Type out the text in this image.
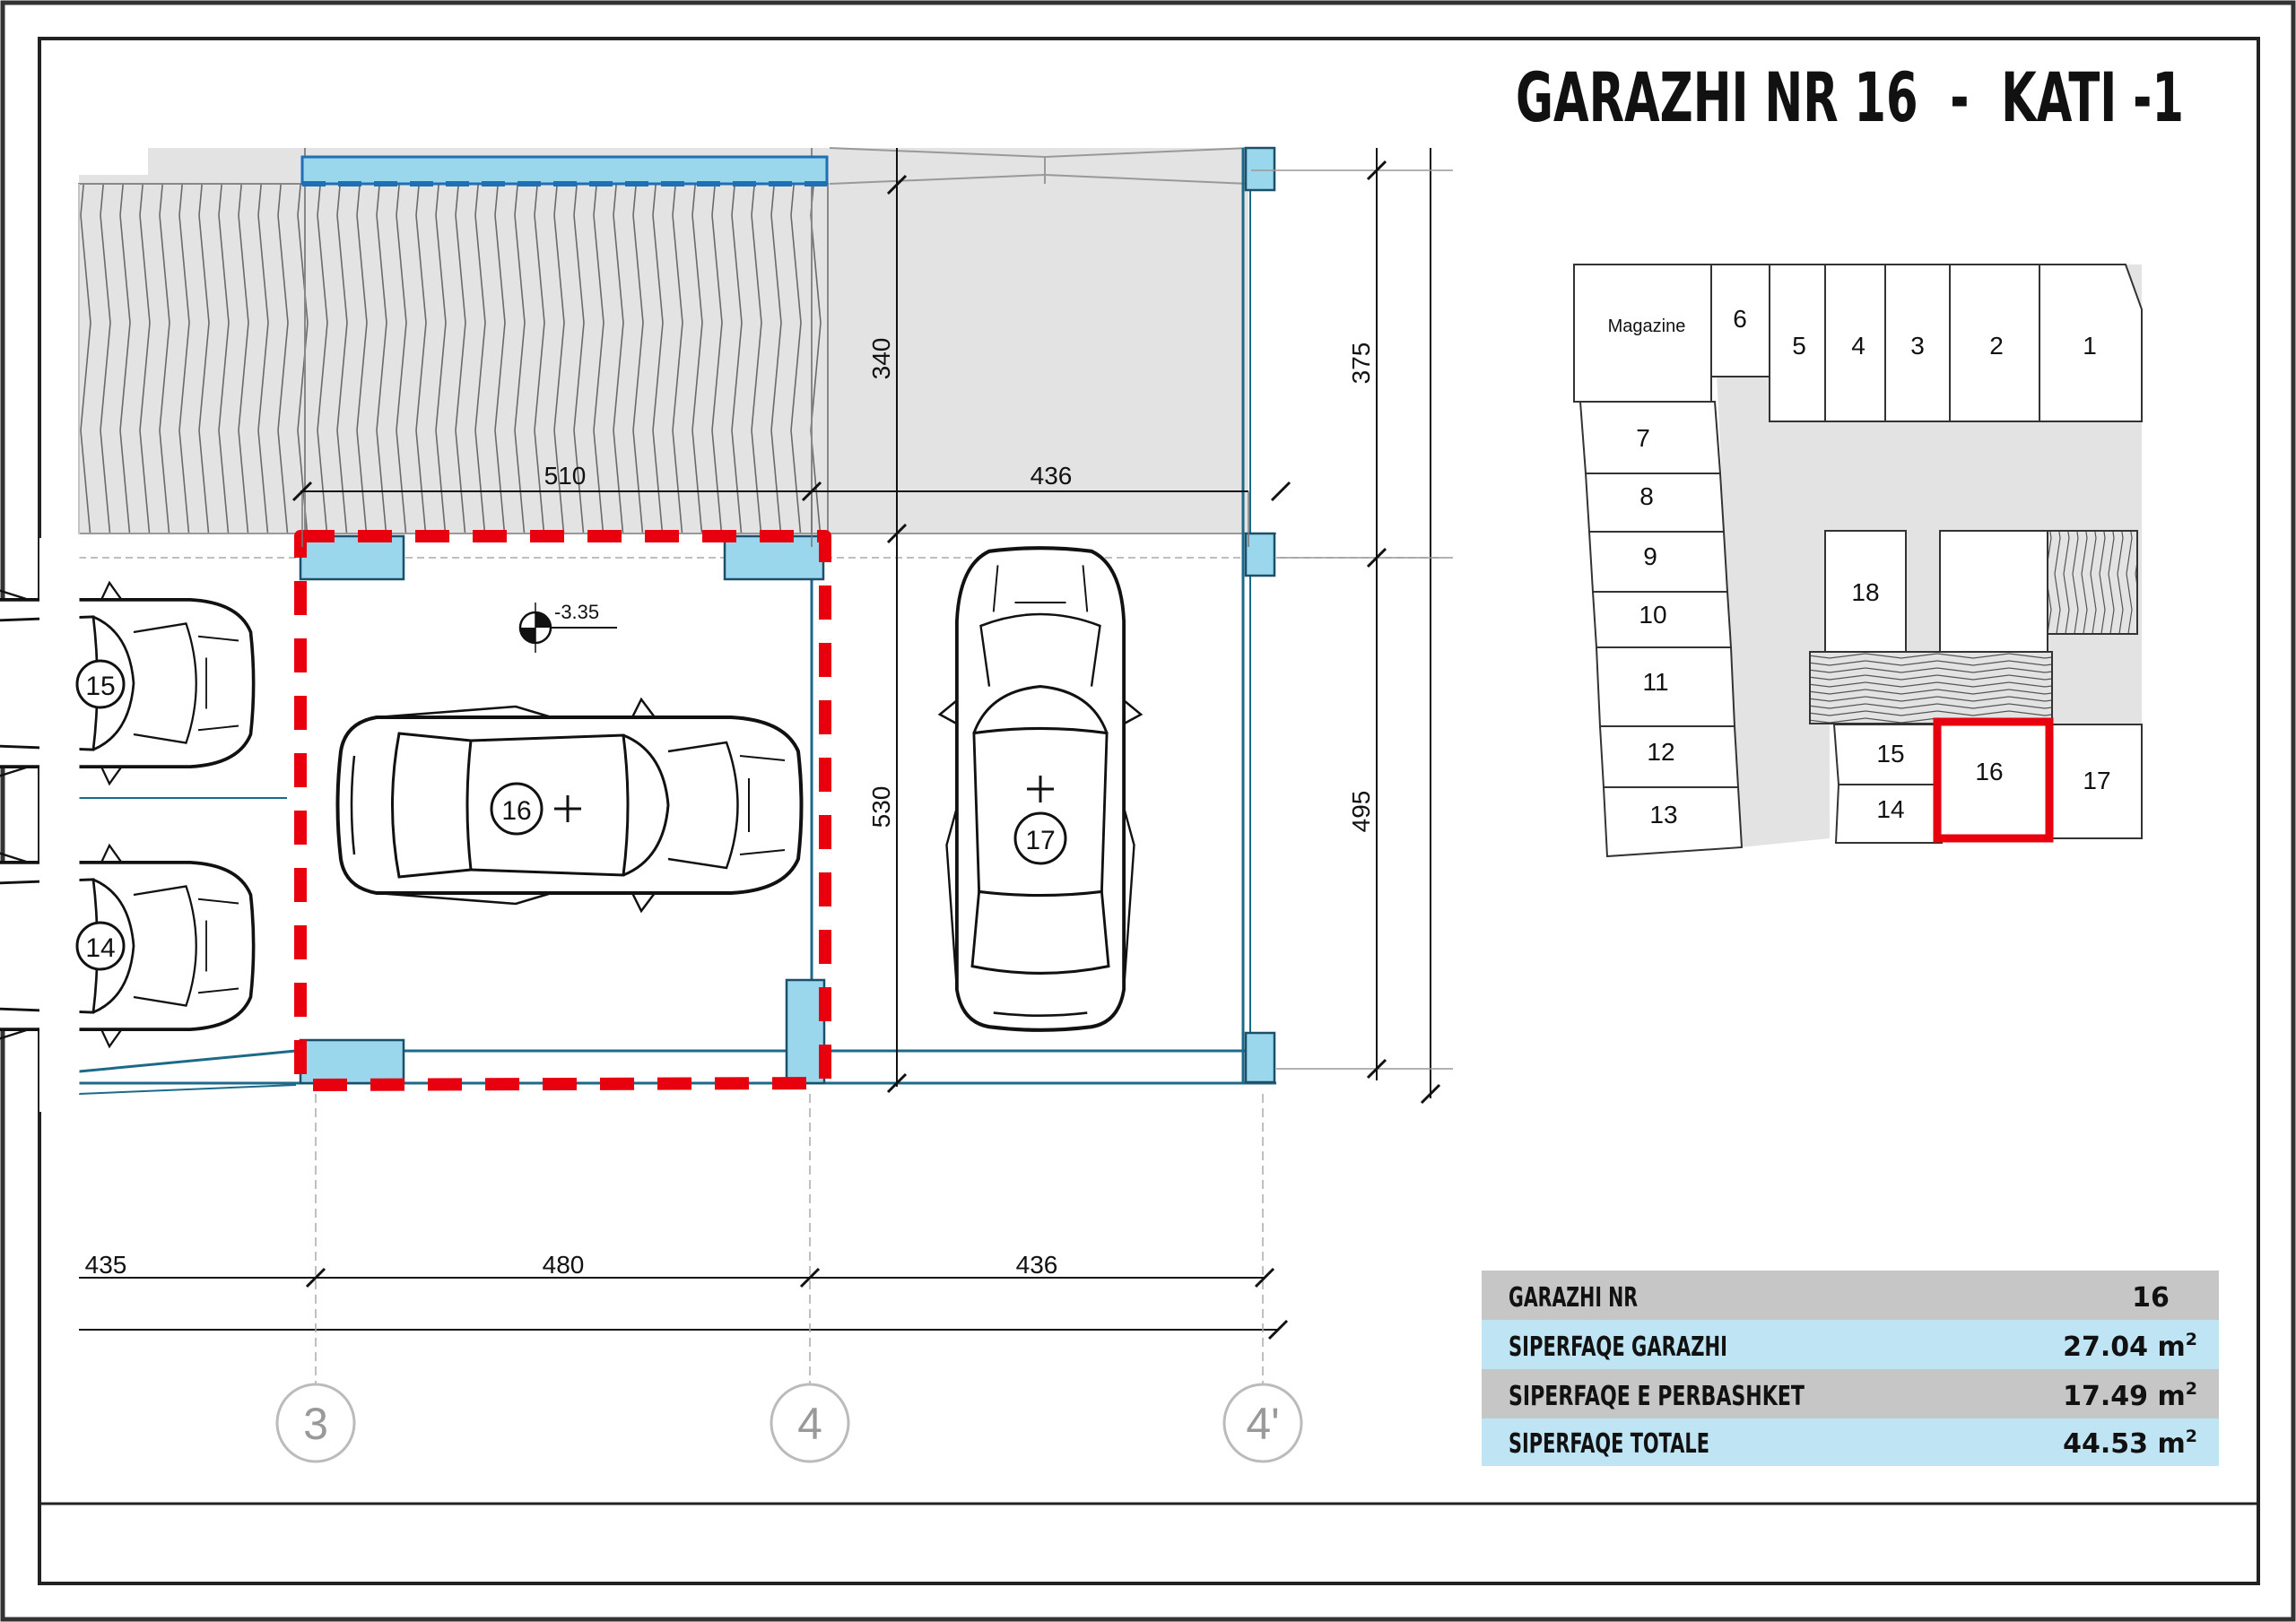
GARAZHI NR 16  -  KATI -1
15
14
16
17
-3.35
510	436
340
530
375
495
435	480	436
3	4	4'
Magazine 6
5 4 3	2	1
7
8
9
10
11
12
13
18
15
14
17
16
GARAZHI NR	16
SIPERFAQE GARAZHI	27.04 $m^2$
SIPERFAQE E PERBASHKET	17.49 $m^2$
SIPERFAQE TOTALE	44.53 $m^2$
